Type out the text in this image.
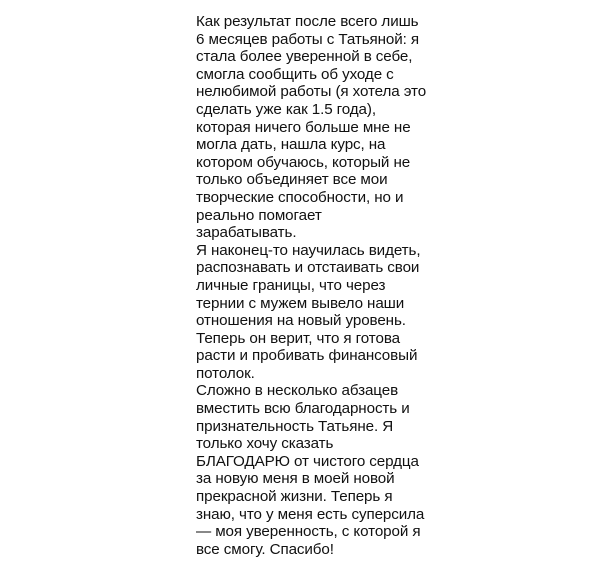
Как результат после всего лишь
6 месяцев работы с Татьяной: я
стала более уверенной в себе,
смогла сообщить об уходе с
нелюбимой работы (я хотела это
сделать уже как 1.5 года),
которая ничего больше мне не
могла дать, нашла курс, на
котором обучаюсь, который не
только объединяет все мои
творческие способности, но и
реально помогает
зарабатывать.

Я наконец-то научилась видеть,
распознавать и отстаивать свои
личные границы, что через
тернии с мужем вывело наши
отношения на новый уровень.
Теперь он верит, что я готова
расти и пробивать финансовый
потолок.

Сложно в несколько абзацев
вместить всю благодарность и
признательность Татьяне. Я
только хочу сказать
БЛАГОДАРЮ от чистого сердца
за новую меня в моей новой
прекрасной жизни. Теперь я
знаю, что у меня есть суперсила
— моя уверенность, с которой я
все смогу. Спасибо!
